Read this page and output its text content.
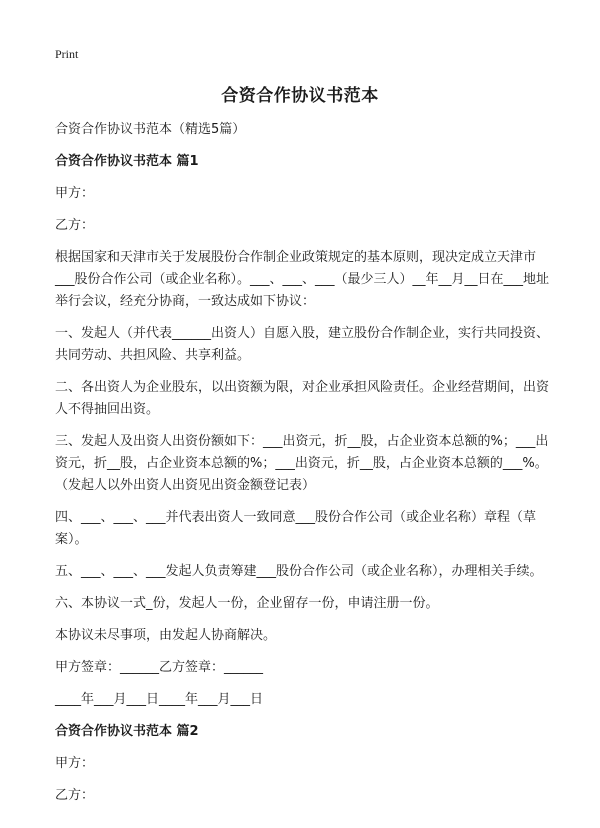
Print
合资合作协议书范本

合资合作协议书范本（精选5篇）

合资合作协议书范本 篇1

甲方：

乙方：

根据国家和天津市关于发展股份合作制企业政策规定的基本原则，现决定成立天津市___股份合作公司（或企业名称）。___、___、___（最少三人）__年__月__日在___地址举行会议，经充分协商，一致达成如下协议：

一、发起人（并代表______出资人）自愿入股，建立股份合作制企业，实行共同投资、共同劳动、共担风险、共享利益。

二、各出资人为企业股东，以出资额为限，对企业承担风险责任。企业经营期间，出资人不得抽回出资。

三、发起人及出资人出资份额如下：___出资元，折__股，占企业资本总额的%；___出资元，折__股，占企业资本总额的%；___出资元，折__股，占企业资本总额的___%。（发起人以外出资人出资见出资金额登记表）

四、___、___、___并代表出资人一致同意___股份合作公司（或企业名称）章程（草案）。

五、___、___、___发起人负责筹建___股份合作公司（或企业名称），办理相关手续。

六、本协议一式_份，发起人一份，企业留存一份，申请注册一份。

本协议未尽事项，由发起人协商解决。

甲方签章：______乙方签章：______

____年___月___日____年___月___日

合资合作协议书范本 篇2

甲方：

乙方：
